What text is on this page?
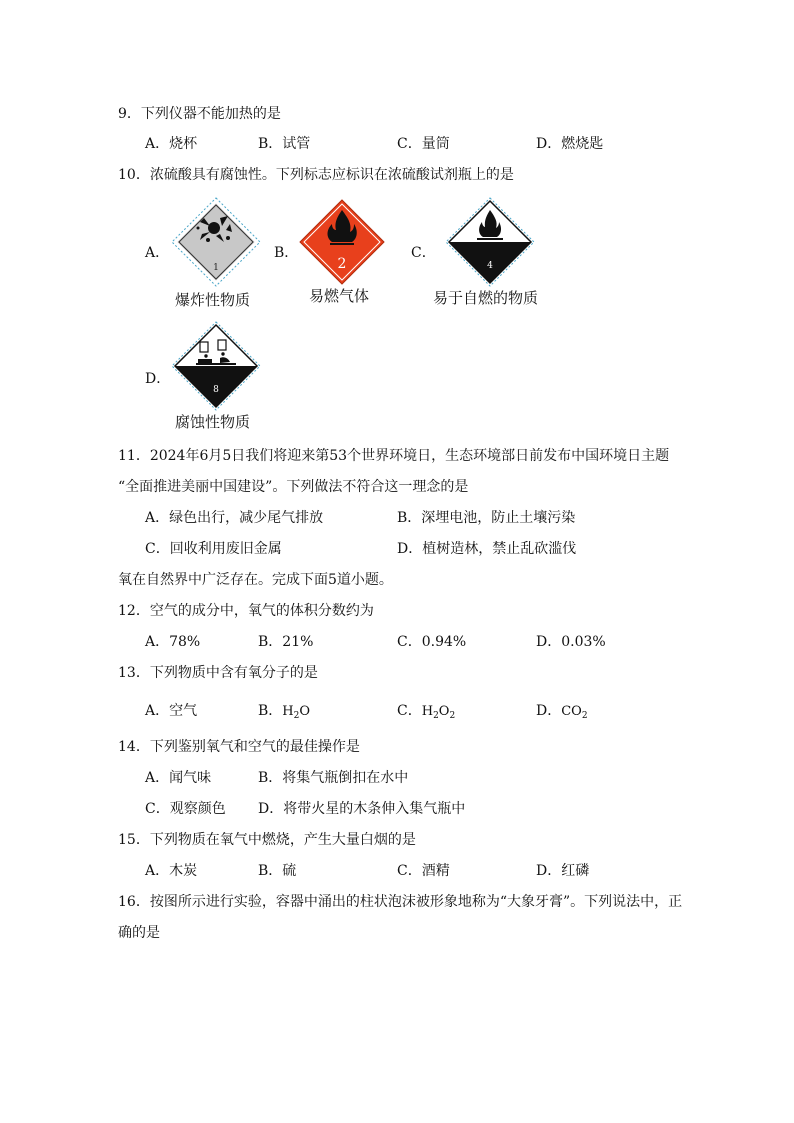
9．下列仪器不能加热的是
A．烧杯	B．试管	C．量筒	D．燃烧匙
10．浓硫酸具有腐蚀性。下列标志应标识在浓硫酸试剂瓶上的是
A．
1
爆炸性物质
B．
2
易燃气体
C．
4
易于自燃的物质
D．
8
腐蚀性物质
11．2024年6月5日我们将迎来第53个世界环境日，生态环境部日前发布中国环境日主题
“全面推进美丽中国建设”。下列做法不符合这一理念的是
A．绿色出行，减少尾气排放	B．深埋电池，防止土壤污染
C．回收利用废旧金属	D．植树造林，禁止乱砍滥伐
氧在自然界中广泛存在。完成下面5道小题。
12．空气的成分中，氧气的体积分数约为
A．78%	B．21%	C．0.94%	D．0.03%
13．下列物质中含有氧分子的是
A．空气	B．$H_2O$	C．$H_2O_2$	D．$CO_2$
14．下列鉴别氧气和空气的最佳操作是
A．闻气味	B．将集气瓶倒扣在水中
C．观察颜色 D．将带火星的木条伸入集气瓶中
15．下列物质在氧气中燃烧，产生大量白烟的是
A．木炭	B．硫	C．酒精	D．红磷
16．按图所示进行实验，容器中涌出的柱状泡沫被形象地称为“大象牙膏”。下列说法中，正
确的是
